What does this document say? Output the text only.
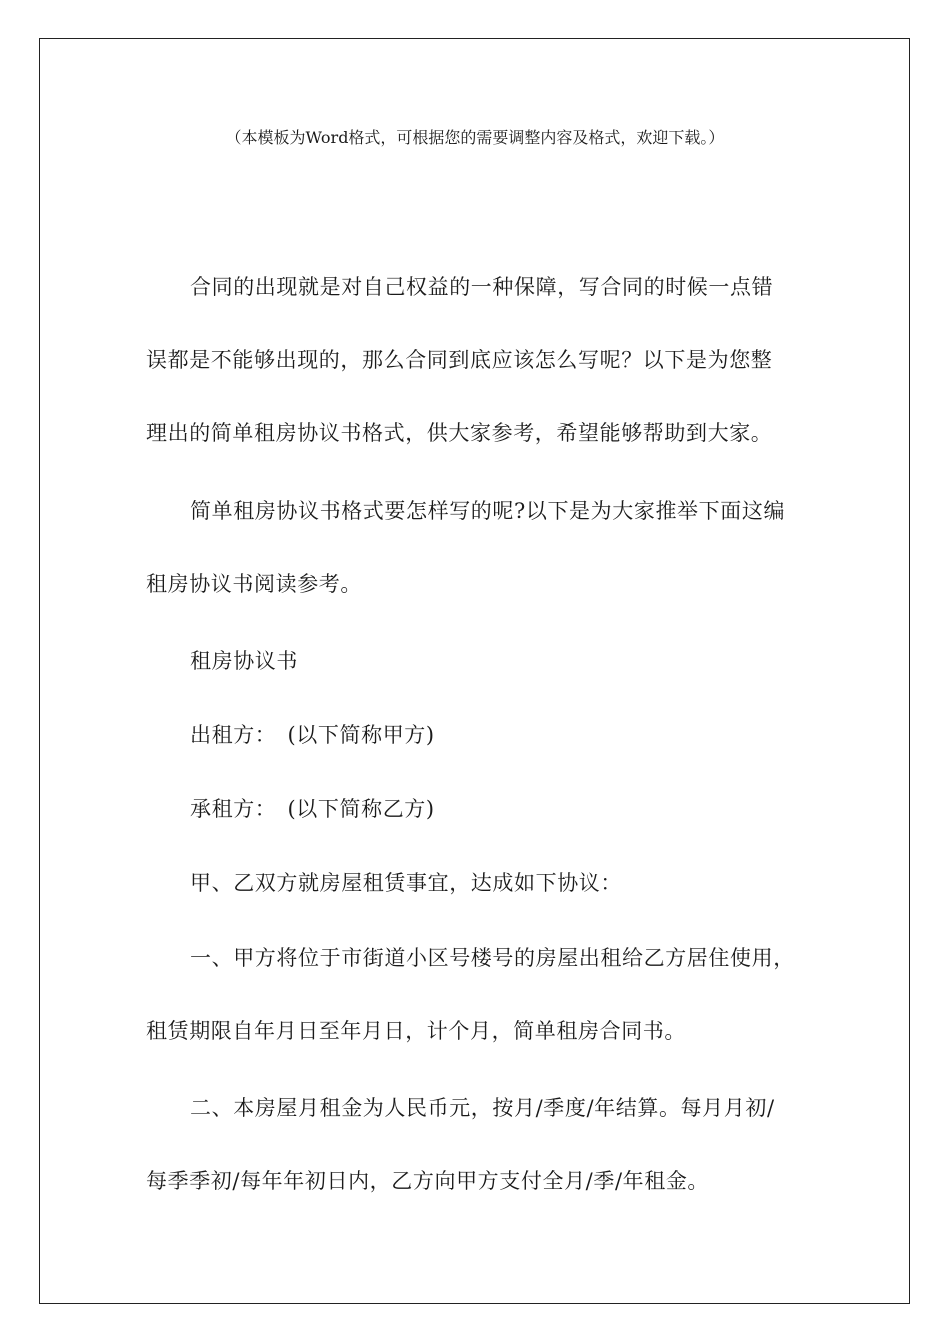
（本模板为Word格式，可根据您的需要调整内容及格式，欢迎下载。）
合同的出现就是对自己权益的一种保障，写合同的时候一点错
误都是不能够出现的，那么合同到底应该怎么写呢？以下是为您整
理出的简单租房协议书格式，供大家参考，希望能够帮助到大家。
简单租房协议书格式要怎样写的呢?以下是为大家推举下面这编
租房协议书阅读参考。
租房协议书
出租方：　(以下简称甲方)
承租方：　(以下简称乙方)
甲、乙双方就房屋租赁事宜，达成如下协议：
一、甲方将位于市街道小区号楼号的房屋出租给乙方居住使用，
租赁期限自年月日至年月日，计个月，简单租房合同书。
二、本房屋月租金为人民币元，按月/季度/年结算。每月月初/
每季季初/每年年初日内，乙方向甲方支付全月/季/年租金。
